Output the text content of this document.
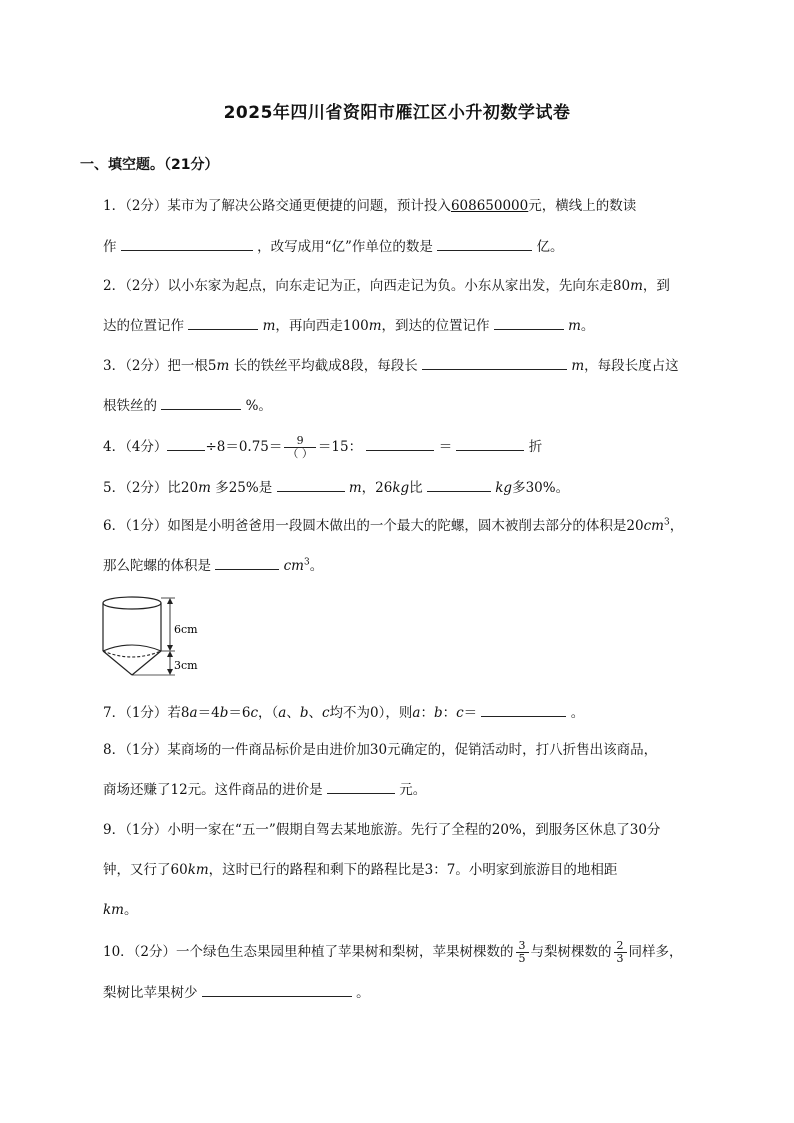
2025年四川省资阳市雁江区小升初数学试卷
一、填空题。（21分）
1．（2分）某市为了解决公路交通更便捷的问题，预计投入608650000元，横线上的数读
作	，改写成用“亿”作单位的数是	亿。
2．（2分）以小东家为起点，向东走记为正，向西走记为负。小东从家出发，先向东走80m，到
达的位置记作	m，再向西走100m，到达的位置记作	m。
3．（2分）把一根5m 长的铁丝平均截成8段，每段长	m，每段长度占这
根铁丝的	%。
4．（4分）	$\div 8=0.75= \frac{9}{( )} =15$：	＝	折
5．（2分）比20m 多25%是	m，26kg比	kg多30%。
6．（1分）如图是小明爸爸用一段圆木做出的一个最大的陀螺，圆木被削去部分的体积是$20cm^3$，
那么陀螺的体积是	$cm^3$。
6cm
3cm
7．（1分）若8a＝4b＝6c，（a、b、c均不为0），则a：b：c＝	。
8．（1分）某商场的一件商品标价是由进价加30元确定的，促销活动时，打八折售出该商品，
商场还赚了12元。这件商品的进价是	元。
9．（1分）小明一家在“五一”假期自驾去某地旅游。先行了全程的20%，到服务区休息了30分
钟，又行了60km，这时已行的路程和剩下的路程比是3：7。小明家到旅游目的地相距
km。
10．（2分）一个绿色生态果园里种植了苹果树和梨树，苹果树棵数的 $\frac{3}{5}$ 与梨树棵数的 $\frac{2}{3}$ 同样多，
梨树比苹果树少	。
